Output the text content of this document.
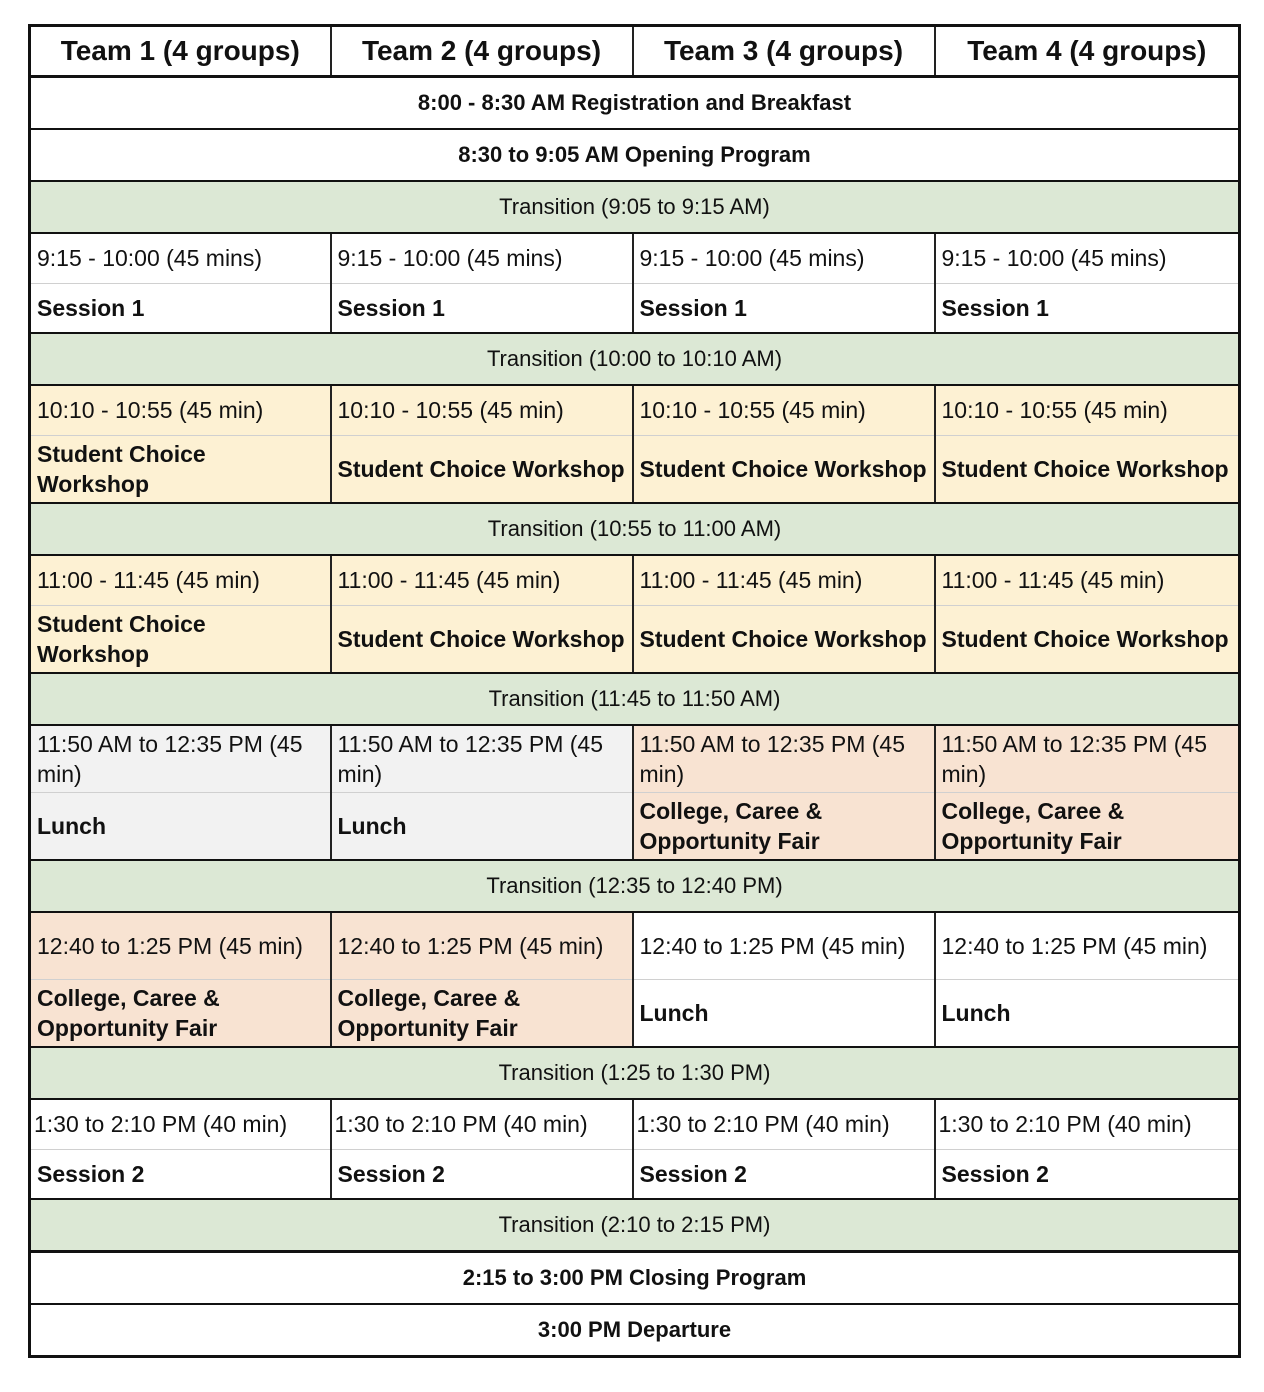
Team 1 (4 groups)	Team 2 (4 groups)	Team 3 (4 groups)	Team 4 (4 groups)
8:00 - 8:30 AM Registration and Breakfast			
8:30 to 9:05 AM Opening Program			
Transition (9:05 to 9:15 AM)			
9:15 - 10:00 (45 mins)	9:15 - 10:00 (45 mins)	9:15 - 10:00 (45 mins)	9:15 - 10:00 (45 mins)
Session 1	Session 1	Session 1	Session 1
Transition (10:00 to 10:10 AM)			
10:10 - 10:55 (45 min)	10:10 - 10:55 (45 min)	10:10 - 10:55 (45 min)	10:10 - 10:55 (45 min)
Student Choice Workshop	Student Choice Workshop	Student Choice Workshop	Student Choice Workshop
Transition (10:55 to 11:00 AM)			
11:00 - 11:45 (45 min)	11:00 - 11:45 (45 min)	11:00 - 11:45 (45 min)	11:00 - 11:45 (45 min)
Student Choice Workshop	Student Choice Workshop	Student Choice Workshop	Student Choice Workshop
Transition (11:45 to 11:50 AM)			
11:50 AM to 12:35 PM (45 min)	11:50 AM to 12:35 PM (45 min)	11:50 AM to 12:35 PM (45 min)	11:50 AM to 12:35 PM (45 min)
Lunch	Lunch	College, Caree & Opportunity Fair	College, Caree & Opportunity Fair
Transition (12:35 to 12:40 PM)			
12:40 to 1:25 PM (45 min)	12:40 to 1:25 PM (45 min)	12:40 to 1:25 PM (45 min)	12:40 to 1:25 PM (45 min)
College, Caree & Opportunity Fair	College, Caree & Opportunity Fair	Lunch	Lunch
Transition (1:25 to 1:30 PM)			
1:30 to 2:10 PM (40 min)	1:30 to 2:10 PM (40 min)	1:30 to 2:10 PM (40 min)	1:30 to 2:10 PM (40 min)
Session 2	Session 2	Session 2	Session 2
Transition (2:10 to 2:15 PM)			
2:15 to 3:00 PM Closing Program			
3:00 PM Departure			
